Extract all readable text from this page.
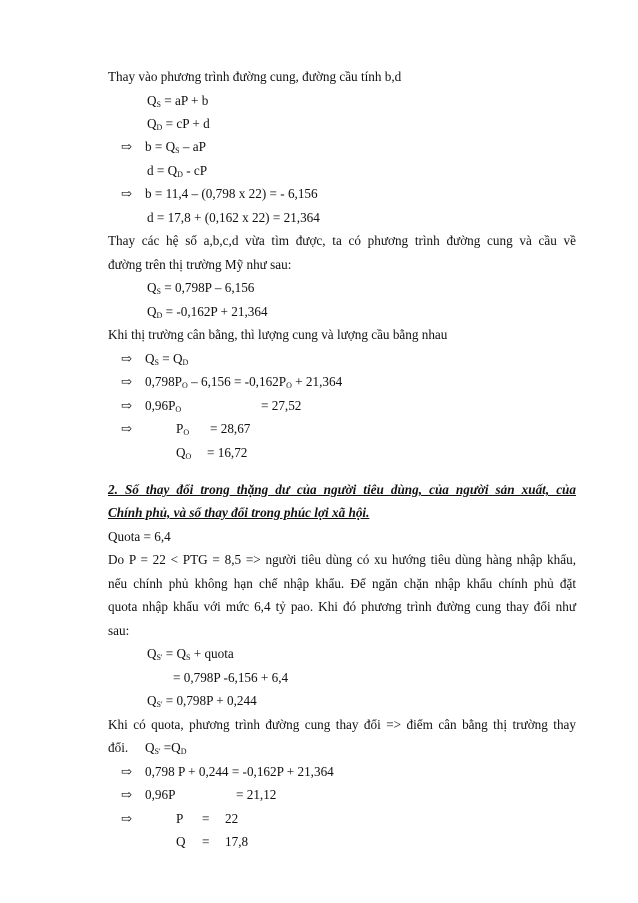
Thay vào phương trình đường cung, đường cầu tính b,d
$Q_S$ = aP + b
$Q_D$ = cP + d
⇨ $b = Q_S$ – aP
$d = Q_D$ - cP
⇨ b = 11,4 – (0,798 x 22) = - 6,156
d = 17,8 + (0,162 x 22) = 21,364
Thay các hệ số a,b,c,d vừa tìm được, ta có phương trình đường cung và cầu về
đường trên thị trường Mỹ như sau:
$Q_S = 0,798P - 6,156$
$Q_D = -0,162P + 21,364$
Khi thị trường cân bằng, thì lượng cung và lượng cầu bằng nhau
⇨ $Q_S = Q_D$
⇨ $0,798P_O - 6,156 = -0,162P_O + 21,364$
⇨ $0,96P_O$	= 27,52
⇨	$P_O = 28,67$
$Q_O = 16,72$
2. Số thay đổi trong thặng dư của người tiêu dùng, của người sản xuất, của
Chính phủ, và số thay đổi trong phúc lợi xã hội.
Quota = 6,4
Do P = 22 < PTG = 8,5 => người tiêu dùng có xu hướng tiêu dùng hàng nhập khẩu,
nếu chính phủ không hạn chế nhập khẩu. Để ngăn chặn nhập khẩu chính phủ đặt
quota nhập khẩu với mức 6,4 tỷ pao. Khi đó phương trình đường cung thay đổi như
sau:
$Q_{S'} = Q_S$ + quota
= 0,798P -6,156 + 6,4
$Q_{S'} = 0,798P + 0,244$
Khi có quota, phương trình đường cung thay đổi => điểm cân bằng thị trường thay
đổi. $Q_{S'} =Q_D$
⇨ 0,798 P + 0,244 = -0,162P + 21,364
⇨ 0,96P	= 21,12
⇨	P = 22
Q = 17,8
